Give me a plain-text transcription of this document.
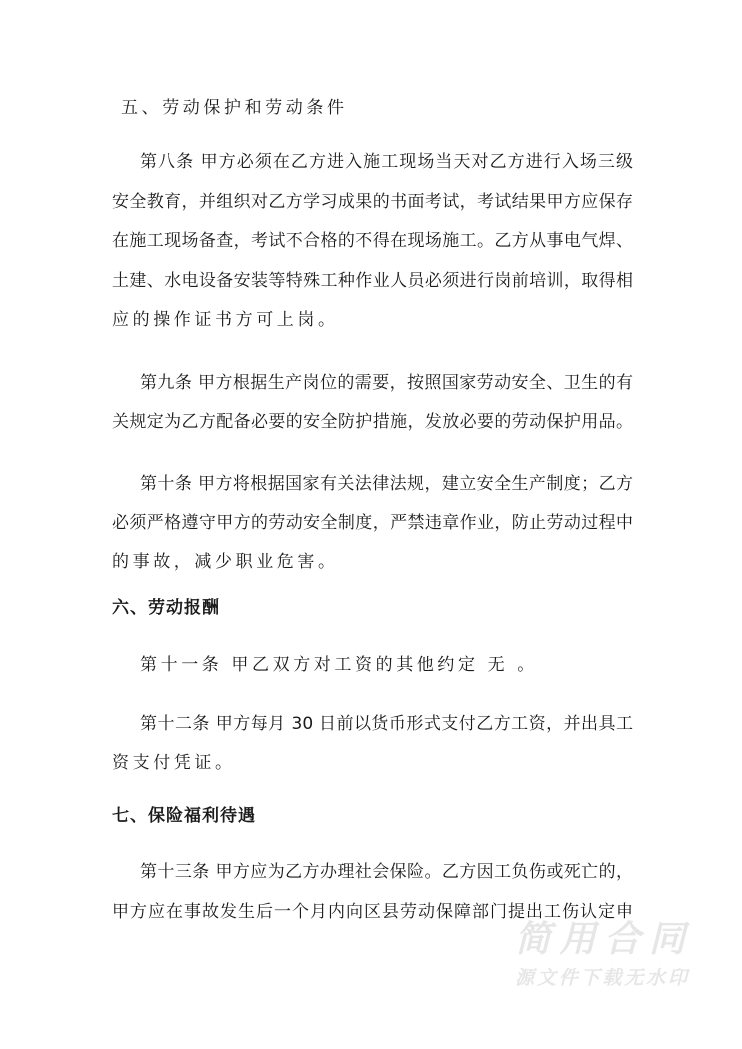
五、劳动保护和劳动条件
第八条 甲方必须在乙方进入施工现场当天对乙方进行入场三级
安全教育，并组织对乙方学习成果的书面考试，考试结果甲方应保存
在施工现场备查，考试不合格的不得在现场施工。乙方从事电气焊、
土建、水电设备安装等特殊工种作业人员必须进行岗前培训，取得相
应的操作证书方可上岗。
第九条 甲方根据生产岗位的需要，按照国家劳动安全、卫生的有
关规定为乙方配备必要的安全防护措施，发放必要的劳动保护用品。
第十条 甲方将根据国家有关法律法规，建立安全生产制度；乙方
必须严格遵守甲方的劳动安全制度，严禁违章作业，防止劳动过程中
的事故，减少职业危害。
六、劳动报酬
第十一条 甲乙双方对工资的其他约定 无 。
第十二条 甲方每月 30 日前以货币形式支付乙方工资，并出具工
资支付凭证。
七、保险福利待遇
第十三条 甲方应为乙方办理社会保险。乙方因工负伤或死亡的，
甲方应在事故发生后一个月内向区县劳动保障部门提出工伤认定申
简用合同
源文件下载无水印
